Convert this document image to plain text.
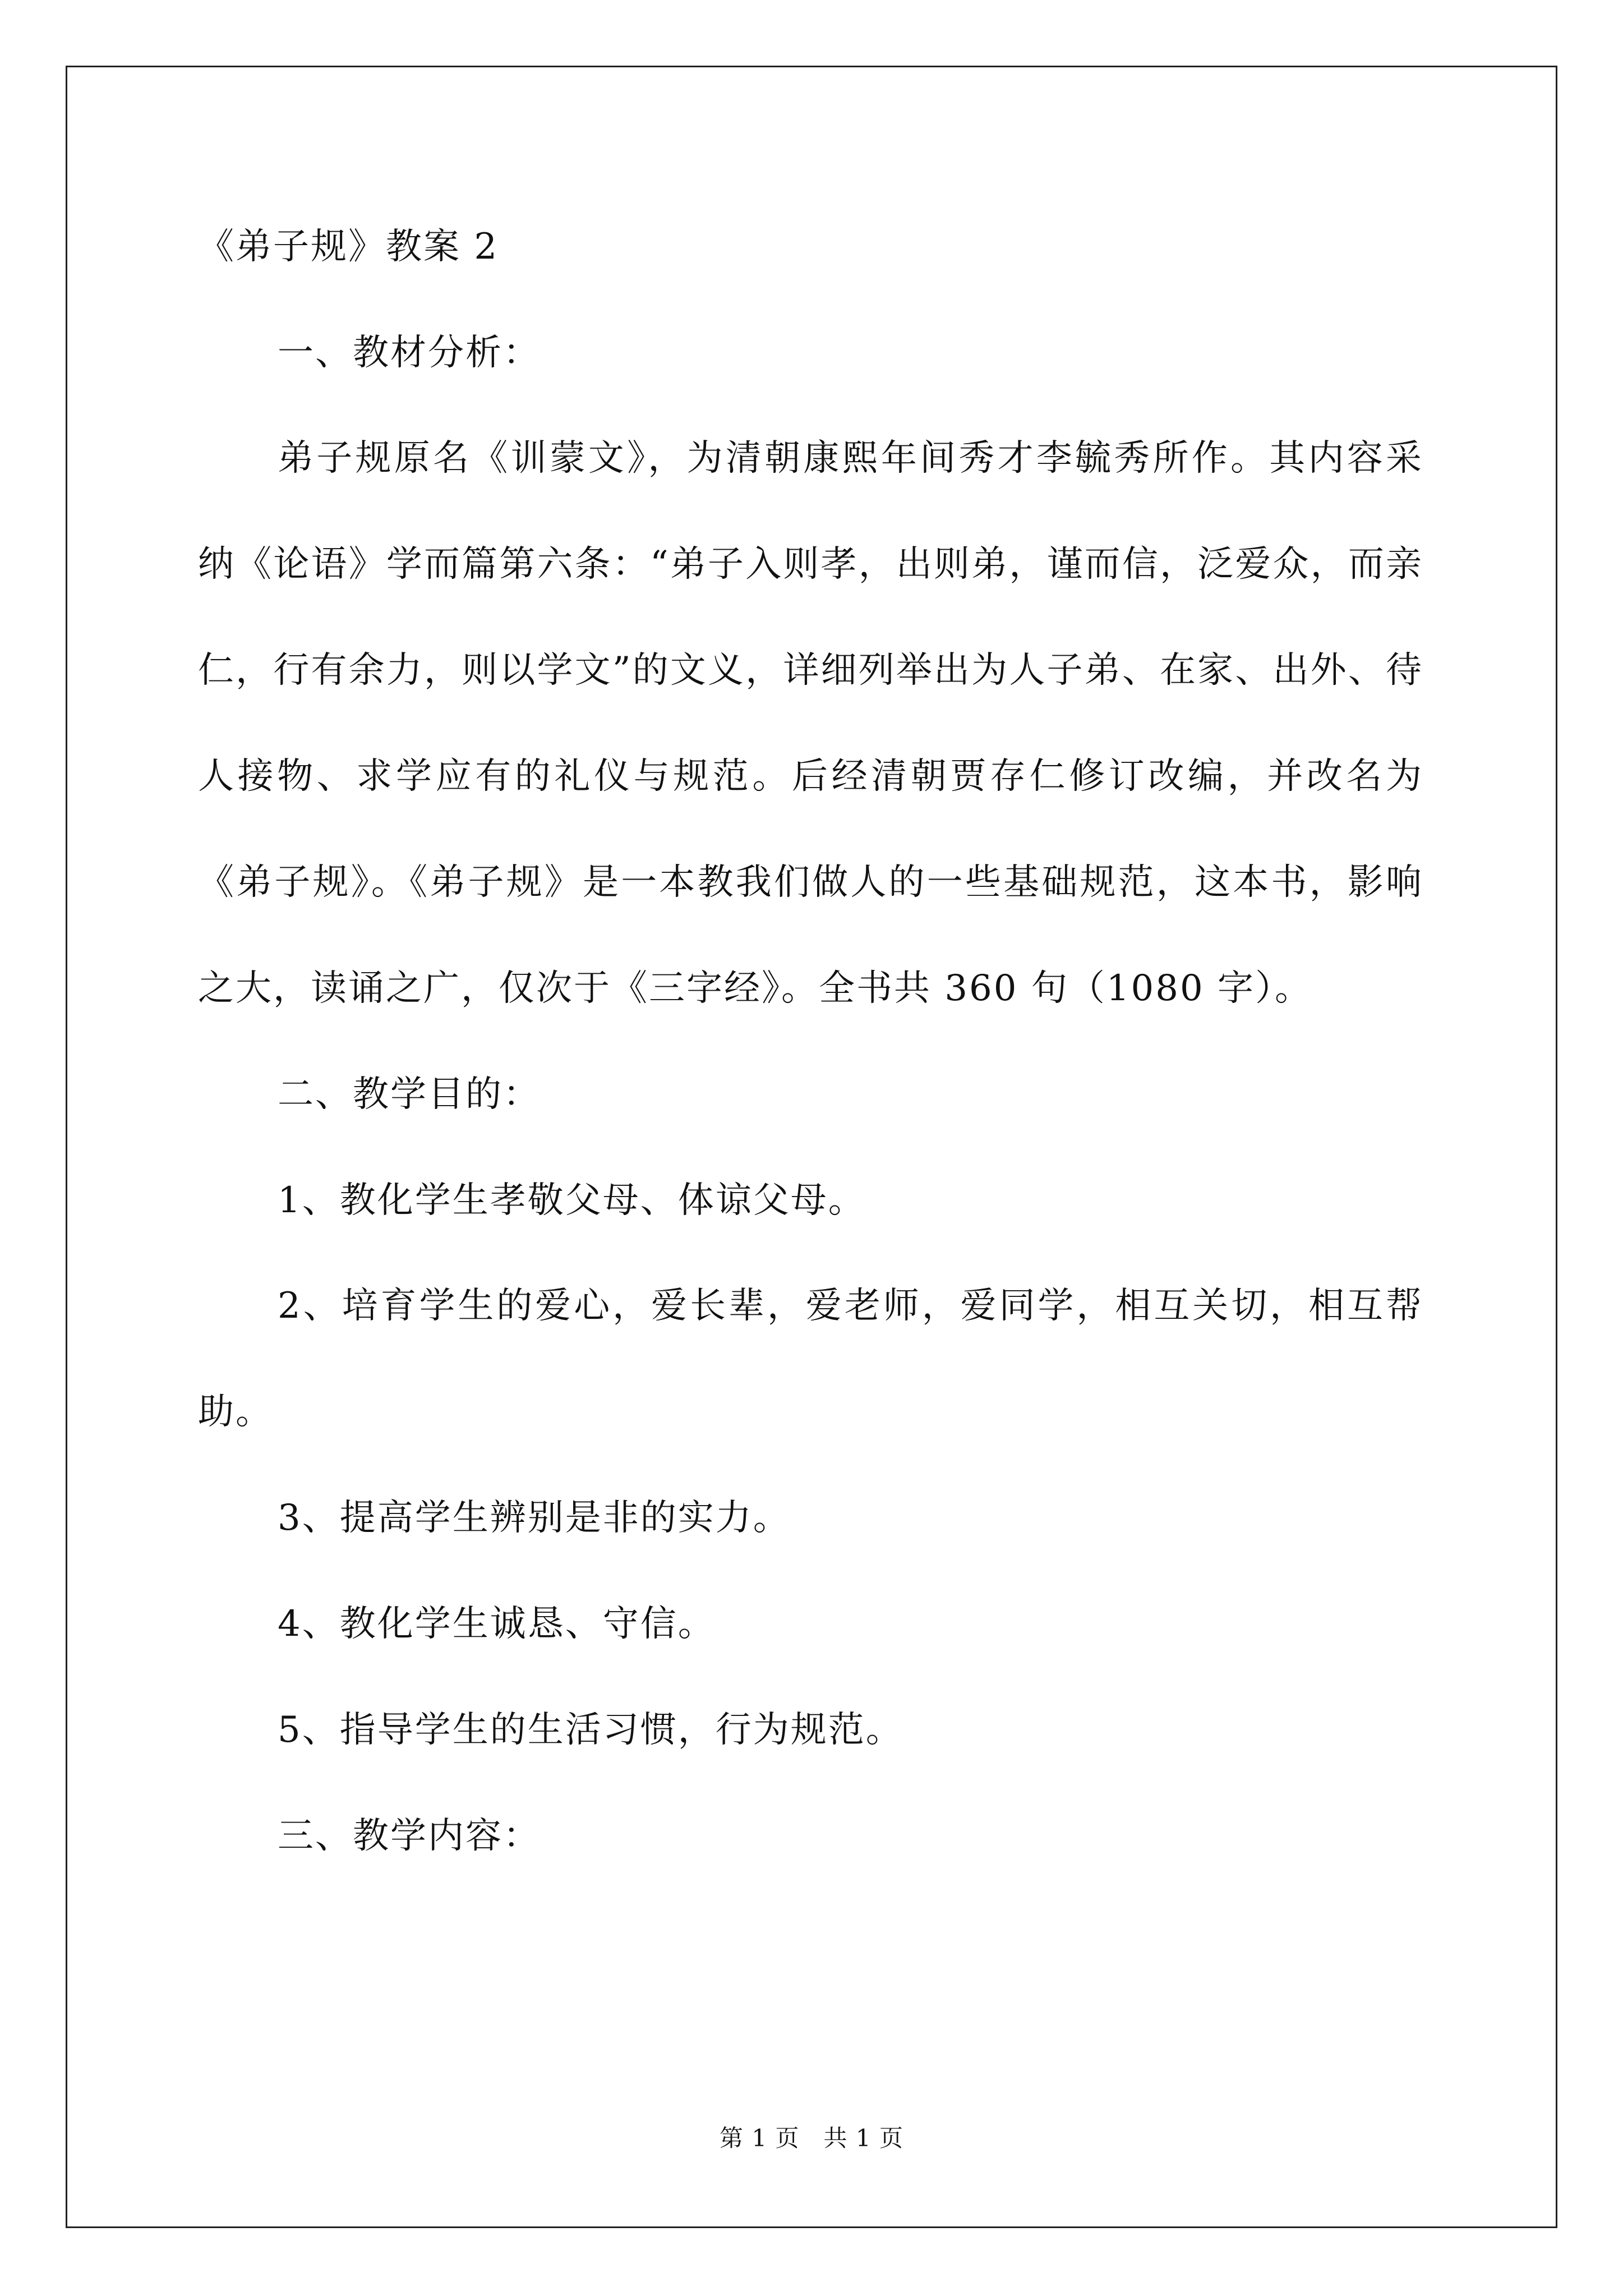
《弟子规》教案 2

一、教材分析：

弟子规原名《训蒙文》，为清朝康熙年间秀才李毓秀所作。其内容采纳《论语》学而篇第六条：“弟子入则孝，出则弟，谨而信，泛爱众，而亲仁，行有余力，则以学文”的文义，详细列举出为人子弟、在家、出外、待人接物、求学应有的礼仪与规范。后经清朝贾存仁修订改编，并改名为《弟子规》。《弟子规》是一本教我们做人的一些基础规范，这本书，影响之大，读诵之广，仅次于《三字经》。全书共 360 句（1080 字）。

二、教学目的：

1、教化学生孝敬父母、体谅父母。

2、培育学生的爱心，爱长辈，爱老师，爱同学，相互关切，相互帮助。

3、提高学生辨别是非的实力。

4、教化学生诚恳、守信。

5、指导学生的生活习惯，行为规范。

三、教学内容：

第 1 页   共 1 页
